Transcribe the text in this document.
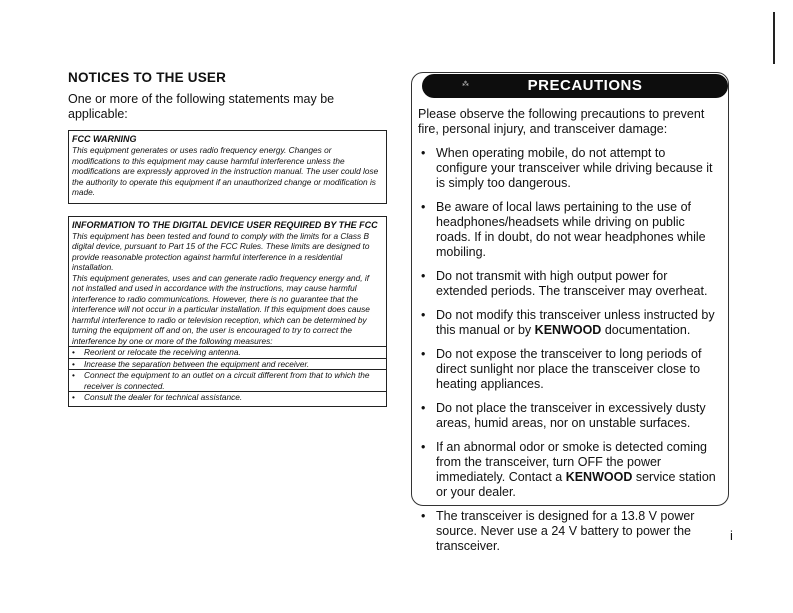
NOTICES TO THE USER

One or more of the following statements may be applicable:

FCC WARNING

This equipment generates or uses radio frequency energy. Changes or modifications to this equipment may cause harmful interference unless the modifications are expressly approved in the instruction manual. The user could lose the authority to operate this equipment if an unauthorized change or modification is made.

INFORMATION TO THE DIGITAL DEVICE USER REQUIRED BY THE FCC

This equipment has been tested and found to comply with the limits for a Class B digital device, pursuant to Part 15 of the FCC Rules. These limits are designed to provide reasonable protection against harmful interference in a residential installation.

This equipment generates, uses and can generate radio frequency energy and, if not installed and used in accordance with the instructions, may cause harmful interference to radio communications. However, there is no guarantee that the interference will not occur in a particular installation. If this equipment does cause harmful interference to radio or television reception, which can be determined by turning the equipment off and on, the user is encouraged to try to correct the interference by one or more of the following measures:

• Reorient or relocate the receiving antenna.
• Increase the separation between the equipment and receiver.
• Connect the equipment to an outlet on a circuit different from that to which the receiver is connected.
• Consult the dealer for technical assistance.
⁂	PRECAUTIONS

Please observe the following precautions to prevent fire, personal injury, and transceiver damage:

• When operating mobile, do not attempt to configure your transceiver while driving because it is simply too dangerous.
• Be aware of local laws pertaining to the use of headphones/headsets while driving on public roads. If in doubt, do not wear headphones while mobiling.
• Do not transmit with high output power for extended periods. The transceiver may overheat.
• Do not modify this transceiver unless instructed by this manual or by KENWOOD documentation.
• Do not expose the transceiver to long periods of direct sunlight nor place the transceiver close to heating appliances.
• Do not place the transceiver in excessively dusty areas, humid areas, nor on unstable surfaces.
• If an abnormal odor or smoke is detected coming from the transceiver, turn OFF the power immediately. Contact a KENWOOD service station or your dealer.
• The transceiver is designed for a 13.8 V power source. Never use a 24 V battery to power the transceiver.
i
